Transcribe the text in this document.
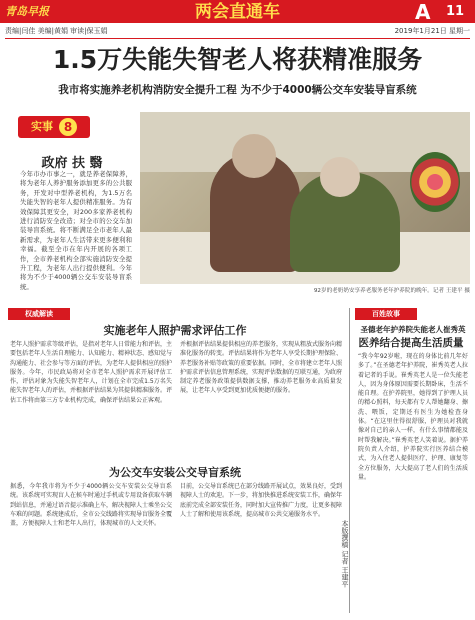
青岛早报	两会直通车	A 11
责编|闫佳 美编|黄娟 审读|保玉娟	2019年1月21日 星期一
1.5万失能失智老人将获精准服务
我市将实施养老机构消防安全提升工程 为不少于4000辆公交车安装导盲系统
实事 8
政府 扶 翳
今年市办市事之一，就是养老保障养，将为老年人养护服务添加更多的公共服务，开发对中型养老机构，为1.5万名失能失智的老年人提供精准服务。为有效保障其更安全，对200多家养老机构进行消防安全改造；对全市的公交车加装导盲系统。将不断满足全市老年人最新需求，为老年人生活带来更多便利和幸福。截至全市在年内开展的各项工作，全市养老机构全部实施消防安全提升工程，为老年人出行提供便利。今年将为不少于4000辆公交车安装导盲系统。
92岁的老奶奶安享养老服务老年护养院的晚年。记者 王建平 摄
权威解读
实施老年人照护需求评估工作
老年人照护需求等级评估，是指对老年人日常能力和评估，主要包括老年人生活自理能力、认知能力、精神状态、感知觉与沟通能力、社会参与等方面的评估，为老年人提供相应的照护服务。今年，市民政局将对全市老年人照护需求开展评估工作，评估对象为失能失智老年人，计划在全市完成1.5万名失能失智老年人的评估，并根据评估结果为其提供精准服务。评估工作将由第三方专业机构完成，确保评估结果公正客观。
并根据评估结果提供相应的养老服务，实现从粗放式服务向精准化服务的转变。评估结果将作为老年人享受长期护理保险、养老服务补贴等政策的重要依据。同时，全市将建立老年人照护需求评估信息管理系统，实现评估数据的互联互通，为政府制定养老服务政策提供数据支撑，推动养老服务业高质量发展，让老年人享受到更加优质便捷的服务。
为公交车安装公交导盲系统
据悉，今年我市将为不少于4000辆公交车安装公交导盲系统。该系统可实现盲人在候车时通过手机或专用设备获取车辆到站信息，并通过语音提示准确上车，解决视障人士乘坐公交车难的问题。系统建成后，全市公交线路将实现导盲服务全覆盖，方便视障人士和老年人出行，体现城市的人文关怀。
目前，公交导盲系统已在部分线路开展试点，效果良好，受到视障人士的欢迎。下一步，将加快推进系统安装工作，确保年底前完成全部安装任务，同时加大宣传推广力度，让更多视障人士了解和使用该系统，提高城市公共交通服务水平。
本版撰稿 记者 王建平
百姓故事
圣德老年护养院失能老人崔秀英
医养结合提高生活质量
“我今年92岁啦，现在的身体比前几年好多了。”在圣德老年护养院，崔秀英老人拉着记者的手说。崔秀英老人是一位失能老人，因为身体原因需要长期卧床，生活不能自理。在护养院里，她得到了护理人员的精心照料，每天都有专人帮她翻身、擦洗、喂饭，定期还有医生为她检查身体。“在这里住得很舒服，护理员对我就像对自己的亲人一样，有什么事情都能及时帮我解决。”崔秀英老人笑着说。据护养院负责人介绍，护养院实行医养结合模式，为入住老人提供医疗、护理、康复等全方位服务，大大提高了老人们的生活质量。
